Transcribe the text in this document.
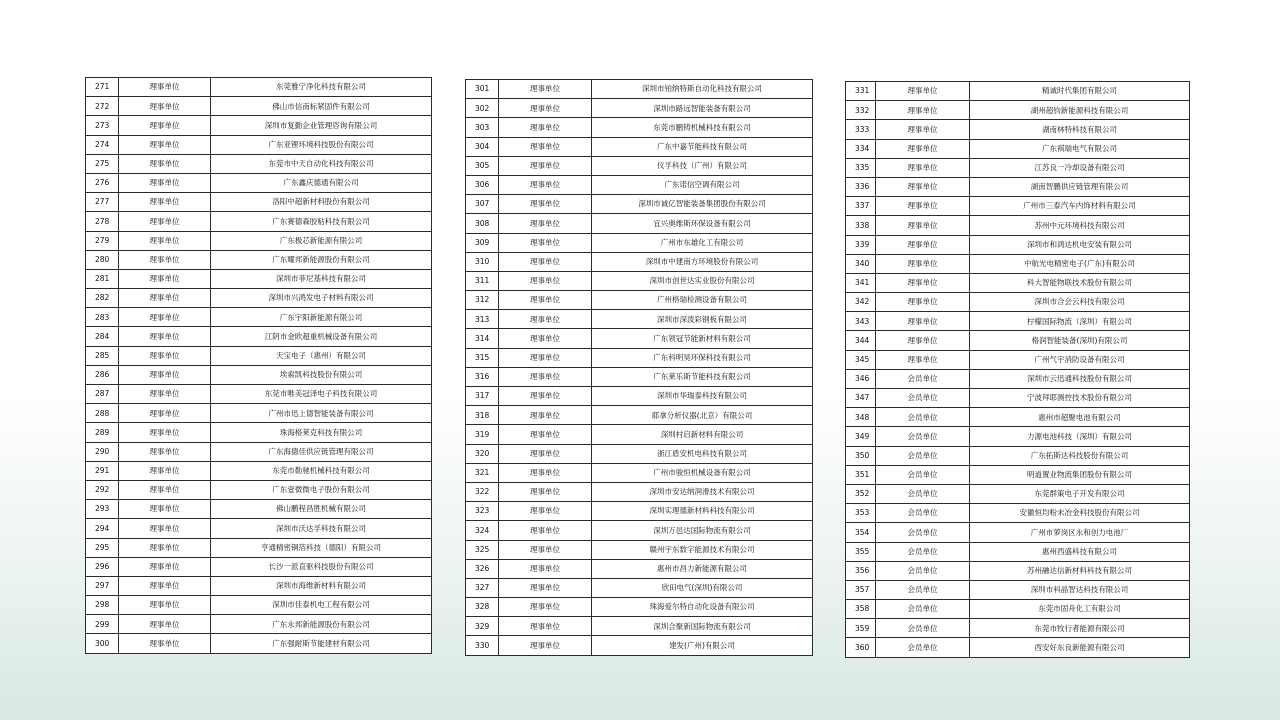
271	理事单位	东莞雅宁净化科技有限公司
272	理事单位	佛山市信南标紧固件有限公司
273	理事单位	深圳市复勤企业管理咨询有限公司
274	理事单位	广东亚锂环境科技股份有限公司
275	理事单位	东莞市中天自动化科技有限公司
276	理事单位	广东鑫庆德通有限公司
277	理事单位	洛阳中超新材料股份有限公司
278	理事单位	广东赛德森胶粘科技有限公司
279	理事单位	广东极芯新能源有限公司
280	理事单位	广东耀邦新能源股份有限公司
281	理事单位	深圳市菲尼基科技有限公司
282	理事单位	深圳市兴鸿发电子材料有限公司
283	理事单位	广东宇阳新能源有限公司
284	理事单位	江阴市金欧超重机械设备有限公司
285	理事单位	天宝电子（惠州）有限公司
286	理事单位	埃索凯科技股份有限公司
287	理事单位	东莞市唯美冠泽电子科技有限公司
288	理事单位	广州市迅上德智能装备有限公司
289	理事单位	珠海格莱克科技有限公司
290	理事单位	广东海德佳供应链管理有限公司
291	理事单位	东莞市勒驰机械科技有限公司
292	理事单位	广东壹微微电子股份有限公司
293	理事单位	佛山鹏程昌胜机械有限公司
294	理事单位	深圳市沃达孚科技有限公司
295	理事单位	亨通精密铜箔科技（德阳）有限公司
296	理事单位	长沙一派直驱科技股份有限公司
297	理事单位	深圳市海维新材料有限公司
298	理事单位	深圳市佳泰机电工程有限公司
299	理事单位	广东永邦新能源股份有限公司
300	理事单位	广东强耐斯节能建材有限公司
301	理事单位	深圳市铂纳特斯自动化科技有限公司
302	理事单位	深圳市路远智能装备有限公司
303	理事单位	东莞市鹏铸机械科技有限公司
304	理事单位	广东中嘉节能科技有限公司
305	理事单位	仪孚科技（广州）有限公司
306	理事单位	广东诺信空调有限公司
307	理事单位	深圳市诚亿智能装备集团股份有限公司
308	理事单位	宜兴奥维斯环保设备有限公司
309	理事单位	广州市东雄化工有限公司
310	理事单位	深圳市中建南方环境股份有限公司
311	理事单位	深圳市创世达实业股份有限公司
312	理事单位	广州格瑞检测设备有限公司
313	理事单位	深圳市深泼彩钢板有限公司
314	理事单位	广东领冠节能新材料有限公司
315	理事单位	广东科明昊环保科技有限公司
316	理事单位	广东莱乐斯节能科技有限公司
317	理事单位	深圳市华瑞泰科技有限公司
318	理事单位	耶拿分析仪器(北京）有限公司
319	理事单位	深圳村启新材料有限公司
320	理事单位	浙江盾安机电科技有限公司
321	理事单位	广州市骏恒机械设备有限公司
322	理事单位	深圳市安达纳润滑技术有限公司
323	理事单位	深圳实理德新材料科技有限公司
324	理事单位	深圳万邑达国际物流有限公司
325	理事单位	赣州宇东数字能源技术有限公司
326	理事单位	惠州市昌力新能源有限公司
327	理事单位	欣田电气(深圳)有限公司
328	理事单位	珠海爱尔特自动化设备有限公司
329	理事单位	深圳合聚新国际物流有限公司
330	理事单位	建发(广州)有限公司
331	理事单位	精诚时代集团有限公司
332	理事单位	湖州超钧新能源科技有限公司
333	理事单位	湖南林特科技有限公司
334	理事单位	广东祺瑞电气有限公司
335	理事单位	江苏良一冷却设备有限公司
336	理事单位	湖南智鹏供应链管理有限公司
337	理事单位	广州市三泰汽车内饰材料有限公司
338	理事单位	苏州中元环境科技有限公司
339	理事单位	深圳市和鸿达机电安装有限公司
340	理事单位	中航光电精密电子(广东)有限公司
341	理事单位	科大智能物联技术股份有限公司
342	理事单位	深圳市合会云科技有限公司
343	理事单位	柠檬国际物流（深圳）有限公司
344	理事单位	格润智能装备(深圳)有限公司
345	理事单位	广州气宇消防设备有限公司
346	会员单位	深圳市云迅通科技股份有限公司
347	会员单位	宁波拜耶测控技术股份有限公司
348	会员单位	惠州市超聚电池有限公司
349	会员单位	力源电池科技（深圳）有限公司
350	会员单位	广东拓斯达科技股份有限公司
351	会员单位	明道置业物流集团股份有限公司
352	会员单位	东莞群策电子开发有限公司
353	会员单位	安徽恒均粉末冶金科技股份有限公司
354	会员单位	广州市萝岗区永和创力电池厂
355	会员单位	惠州西盛科技有限公司
356	会员单位	苏州融达信新材料科技有限公司
357	会员单位	深圳市科晶智达科技有限公司
358	会员单位	东莞市固舟化工有限公司
359	会员单位	东莞市牧行者能源有限公司
360	会员单位	西安好东良新能源有限公司
